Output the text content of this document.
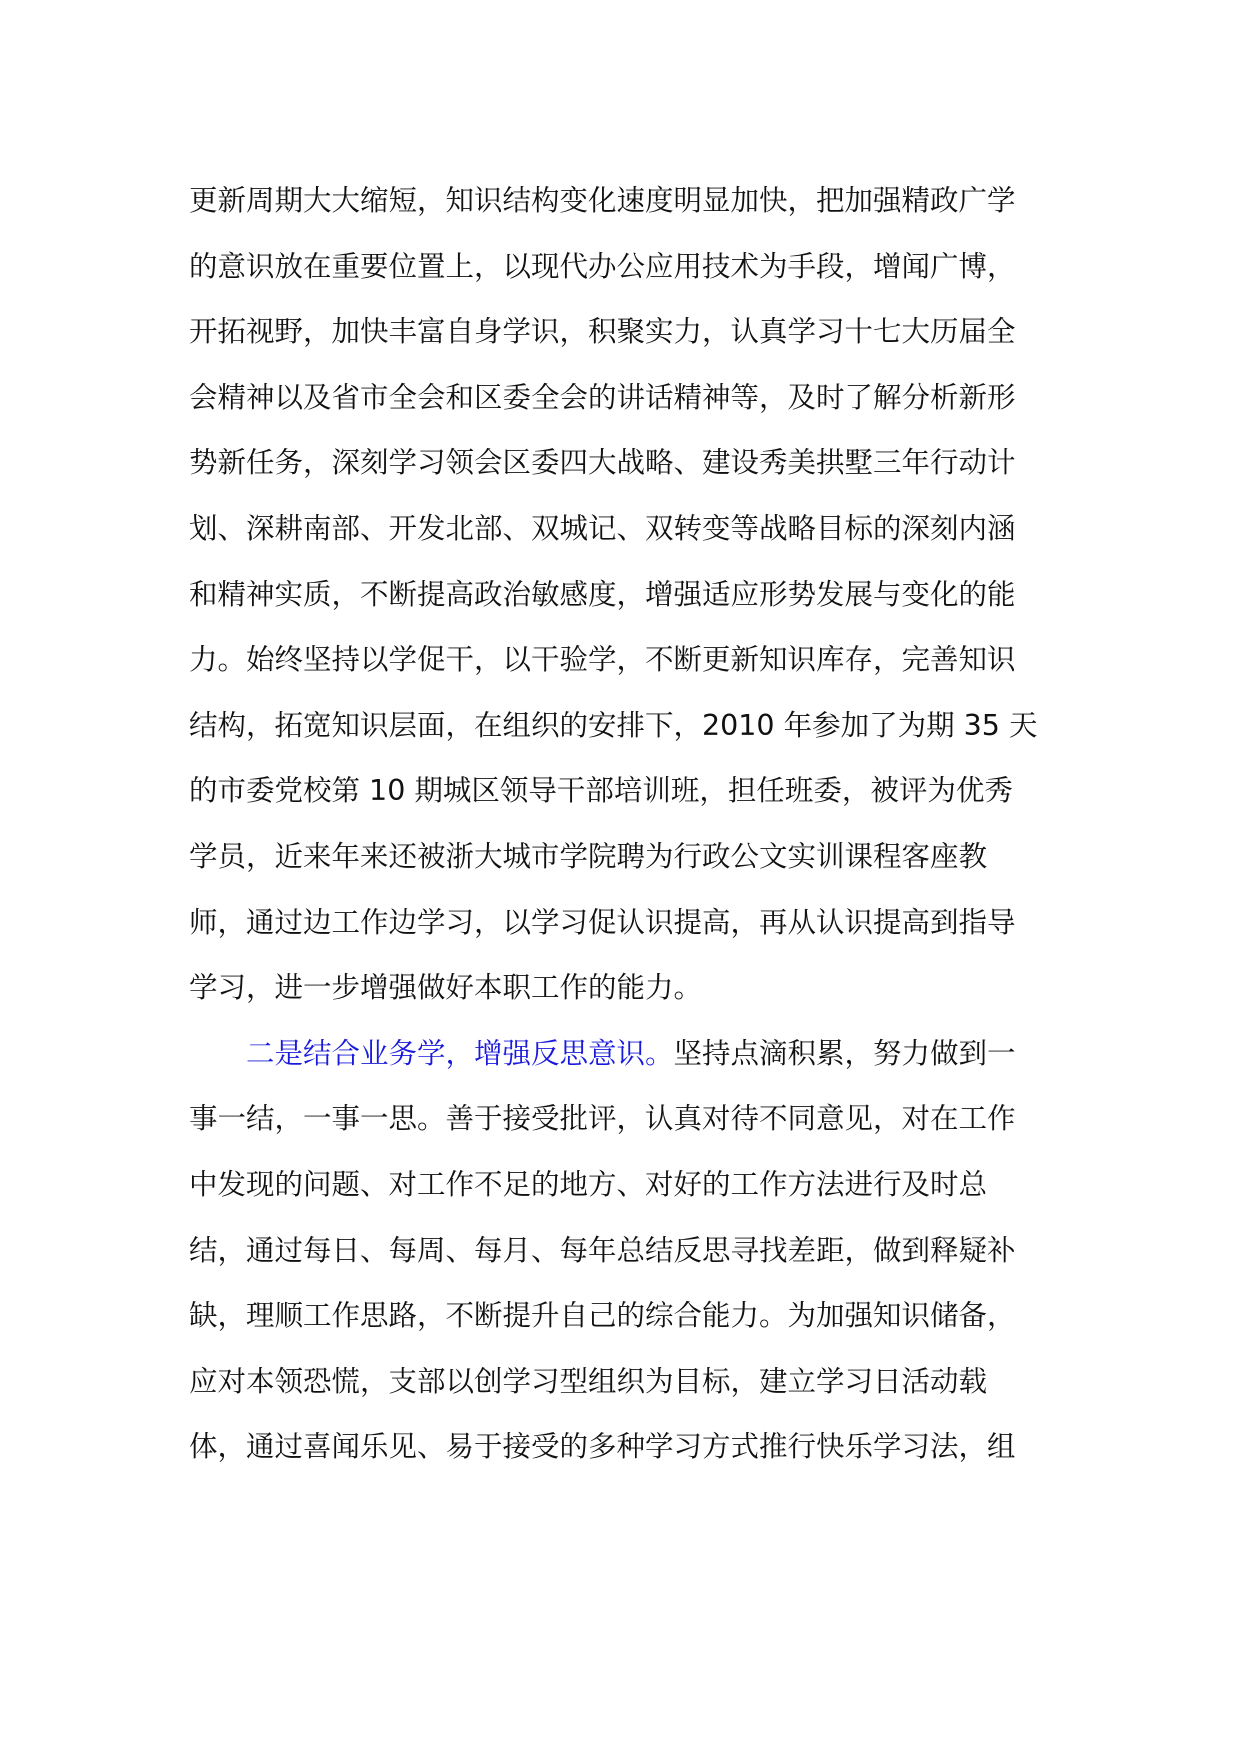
更新周期大大缩短，知识结构变化速度明显加快，把加强精政广学
的意识放在重要位置上，以现代办公应用技术为手段，增闻广博，
开拓视野，加快丰富自身学识，积聚实力，认真学习十七大历届全
会精神以及省市全会和区委全会的讲话精神等，及时了解分析新形
势新任务，深刻学习领会区委四大战略、建设秀美拱墅三年行动计
划、深耕南部、开发北部、双城记、双转变等战略目标的深刻内涵
和精神实质，不断提高政治敏感度，增强适应形势发展与变化的能
力。始终坚持以学促干，以干验学，不断更新知识库存，完善知识
结构，拓宽知识层面，在组织的安排下，2010 年参加了为期 35 天
的市委党校第 10 期城区领导干部培训班，担任班委，被评为优秀
学员，近来年来还被浙大城市学院聘为行政公文实训课程客座教
师，通过边工作边学习，以学习促认识提高，再从认识提高到指导
学习，进一步增强做好本职工作的能力。
二是结合业务学，增强反思意识。坚持点滴积累，努力做到一
事一结，一事一思。善于接受批评，认真对待不同意见，对在工作
中发现的问题、对工作不足的地方、对好的工作方法进行及时总
结，通过每日、每周、每月、每年总结反思寻找差距，做到释疑补
缺，理顺工作思路，不断提升自己的综合能力。为加强知识储备，
应对本领恐慌，支部以创学习型组织为目标，建立学习日活动载
体，通过喜闻乐见、易于接受的多种学习方式推行快乐学习法，组
